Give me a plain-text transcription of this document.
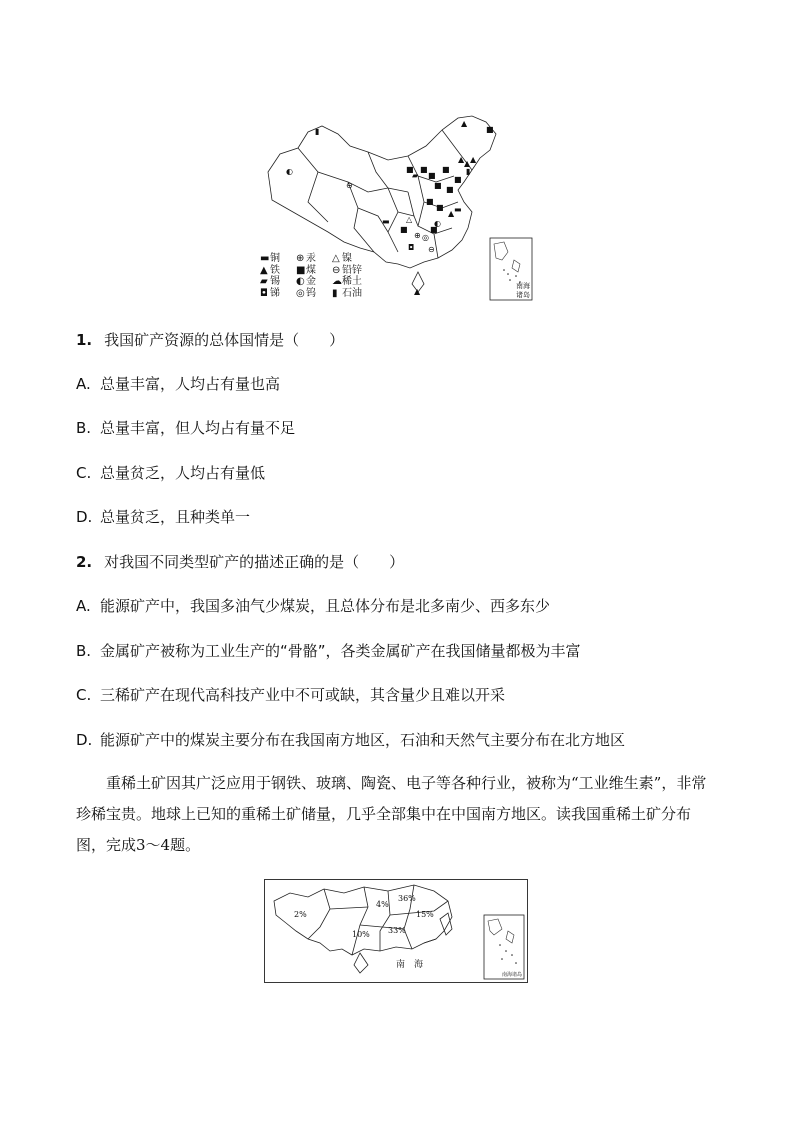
南海
诸岛
▮
◐
⊖
▲
■
▲ ▲ ▲
▮
■
■
■
■
▰
■
■ ■
■
■
▲ ▬
■
◎
⊕
■
△
◘ ⊖
▬
▲
◐
▬铜	⊕ 汞	△ 镍
▲ 铁	■煤	⊖ 铅锌
▰ 锡	◐金	☁稀土
◘ 锑	◎钨	▮ 石油
1. 我国矿产资源的总体国情是（　　）
A. 总量丰富，人均占有量也高
B. 总量丰富，但人均占有量不足
C. 总量贫乏，人均占有量低
D. 总量贫乏，且种类单一
2. 对我国不同类型矿产的描述正确的是（　　）
A. 能源矿产中，我国多油气少煤炭，且总体分布是北多南少、西多东少
B. 金属矿产被称为工业生产的“骨骼”，各类金属矿产在我国储量都极为丰富
C. 三稀矿产在现代高科技产业中不可或缺，其含量少且难以开采
D. 能源矿产中的煤炭主要分布在我国南方地区，石油和天然气主要分布在北方地区
重稀土矿因其广泛应用于钢铁、玻璃、陶瓷、电子等各种行业，被称为“工业维生素”，非常珍稀宝贵。地球上已知的重稀土矿储量，几乎全部集中在中国南方地区。读我国重稀土矿分布图，完成3～4题。
南海诸岛
2%
4%
36%
15%
10% 33%
南　海
